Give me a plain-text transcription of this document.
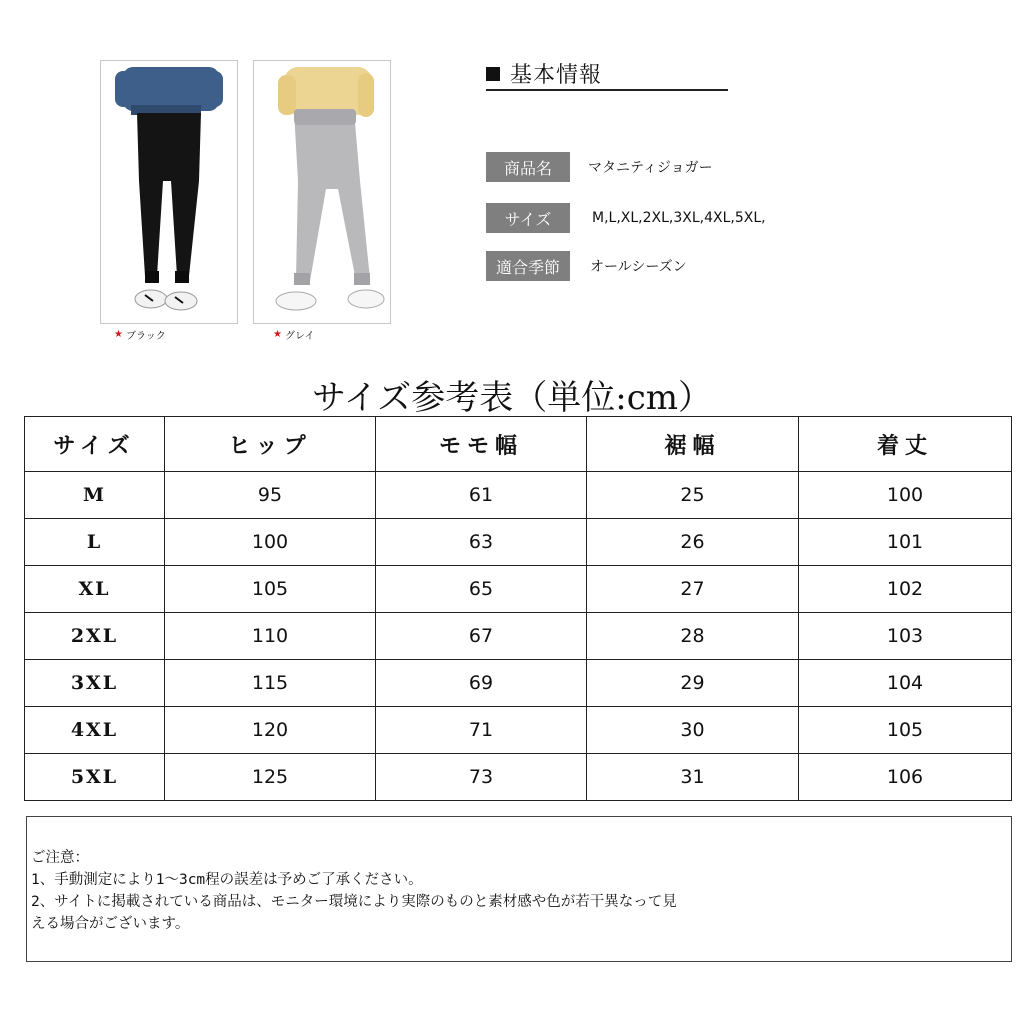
★ ブラック	★ グレイ
基本情報
商品名	マタニティジョガー
サイズ	M,L,XL,2XL,3XL,4XL,5XL,
適合季節	オールシーズン
サイズ参考表（単位:cm）
サイズ	ヒップ	モモ幅	裾幅	着丈
M	95	61	25	100
L	100	63	26	101
XL	105	65	27	102
2XL	110	67	28	103
3XL	115	69	29	104
4XL	120	71	30	105
5XL	125	73	31	106
ご注意：
1、手動測定により1～3cm程の誤差は予めご了承ください。
2、サイトに掲載されている商品は、モニター環境により実際のものと素材感や色が若干異なって見
える場合がございます。
